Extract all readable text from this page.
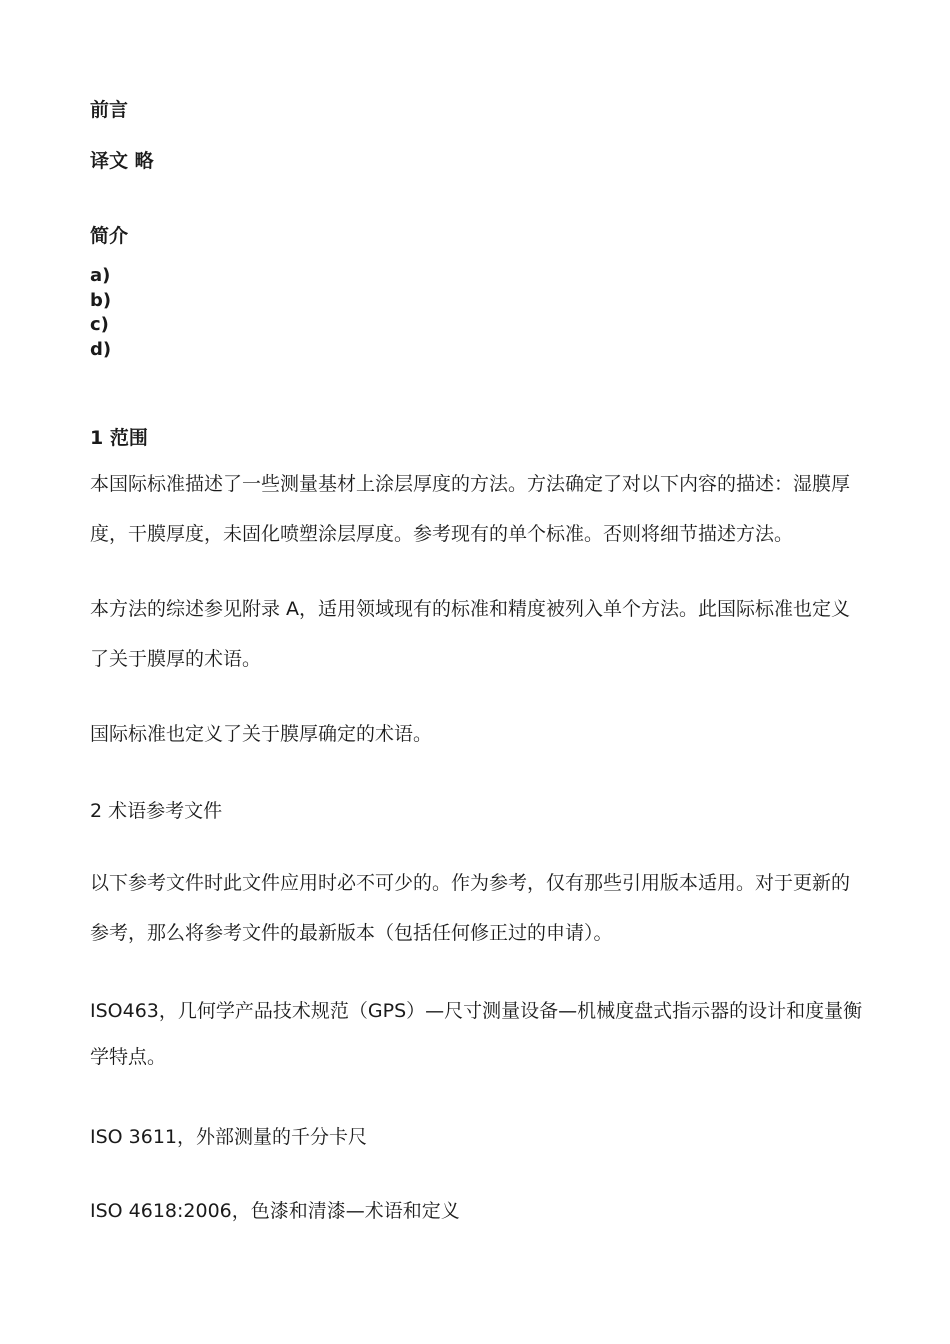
前言
译文 略
简介
a)
b)
c)
d)
1 范围
本国际标准描述了一些测量基材上涂层厚度的方法。方法确定了对以下内容的描述：湿膜厚
度，干膜厚度，未固化喷塑涂层厚度。参考现有的单个标准。否则将细节描述方法。
本方法的综述参见附录 A，适用领域现有的标准和精度被列入单个方法。此国际标准也定义
了关于膜厚的术语。
国际标准也定义了关于膜厚确定的术语。
2 术语参考文件
以下参考文件时此文件应用时必不可少的。作为参考，仅有那些引用版本适用。对于更新的
参考，那么将参考文件的最新版本（包括任何修正过的申请）。
ISO463，几何学产品技术规范（GPS）—尺寸测量设备—机械度盘式指示器的设计和度量衡
学特点。
ISO 3611，外部测量的千分卡尺
ISO 4618:2006，色漆和清漆—术语和定义
